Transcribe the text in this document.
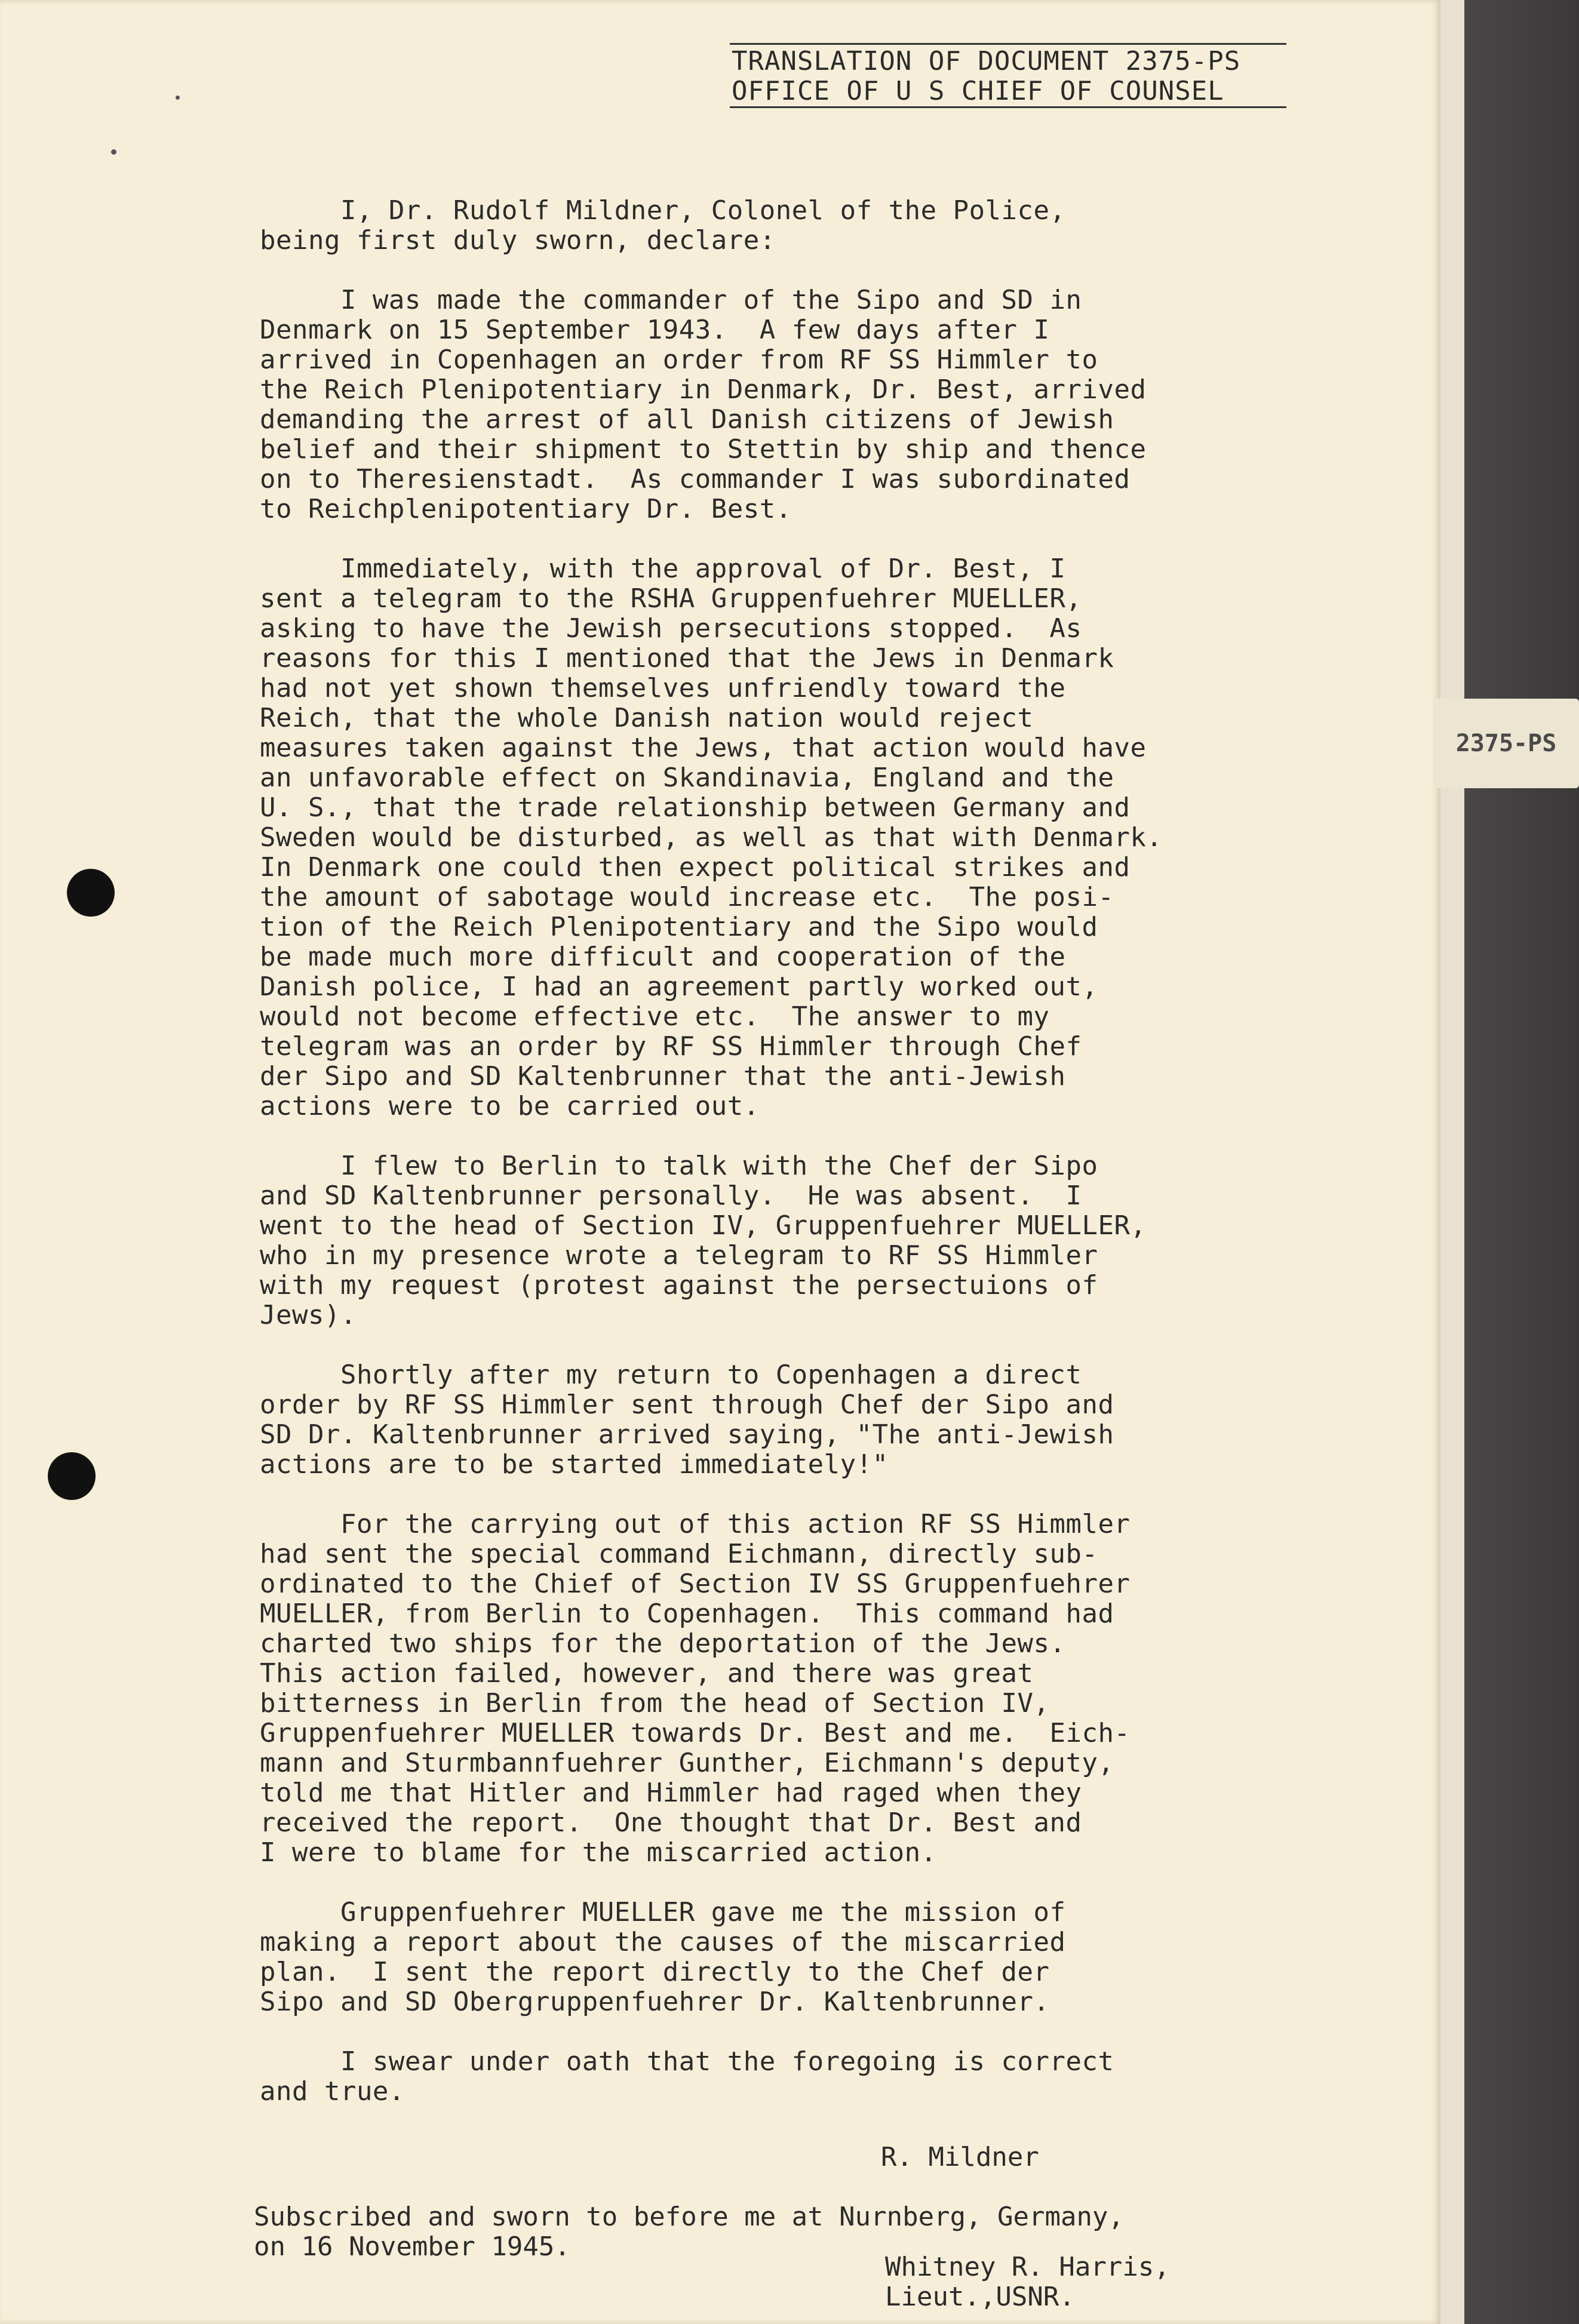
2375-PS
TRANSLATION OF DOCUMENT 2375-PS
OFFICE OF U S CHIEF OF COUNSEL
I, Dr. Rudolf Mildner, Colonel of the Police,
being first duly sworn, declare:
I was made the commander of the Sipo and SD in
Denmark on 15 September 1943.  A few days after I
arrived in Copenhagen an order from RF SS Himmler to
the Reich Plenipotentiary in Denmark, Dr. Best, arrived
demanding the arrest of all Danish citizens of Jewish
belief and their shipment to Stettin by ship and thence
on to Theresienstadt.  As commander I was subordinated
to Reichplenipotentiary Dr. Best.
Immediately, with the approval of Dr. Best, I
sent a telegram to the RSHA Gruppenfuehrer MUELLER,
asking to have the Jewish persecutions stopped.  As
reasons for this I mentioned that the Jews in Denmark
had not yet shown themselves unfriendly toward the
Reich, that the whole Danish nation would reject
measures taken against the Jews, that action would have
an unfavorable effect on Skandinavia, England and the
U. S., that the trade relationship between Germany and
Sweden would be disturbed, as well as that with Denmark.
In Denmark one could then expect political strikes and
the amount of sabotage would increase etc.  The posi-
tion of the Reich Plenipotentiary and the Sipo would
be made much more difficult and cooperation of the
Danish police, I had an agreement partly worked out,
would not become effective etc.  The answer to my
telegram was an order by RF SS Himmler through Chef
der Sipo and SD Kaltenbrunner that the anti-Jewish
actions were to be carried out.
I flew to Berlin to talk with the Chef der Sipo
and SD Kaltenbrunner personally.  He was absent.  I
went to the head of Section IV, Gruppenfuehrer MUELLER,
who in my presence wrote a telegram to RF SS Himmler
with my request (protest against the persectuions of
Jews).
Shortly after my return to Copenhagen a direct
order by RF SS Himmler sent through Chef der Sipo and
SD Dr. Kaltenbrunner arrived saying, "The anti-Jewish
actions are to be started immediately!"
For the carrying out of this action RF SS Himmler
had sent the special command Eichmann, directly sub-
ordinated to the Chief of Section IV SS Gruppenfuehrer
MUELLER, from Berlin to Copenhagen.  This command had
charted two ships for the deportation of the Jews.
This action failed, however, and there was great
bitterness in Berlin from the head of Section IV,
Gruppenfuehrer MUELLER towards Dr. Best and me.  Eich-
mann and Sturmbannfuehrer Gunther, Eichmann's deputy,
told me that Hitler and Himmler had raged when they
received the report.  One thought that Dr. Best and
I were to blame for the miscarried action.
Gruppenfuehrer MUELLER gave me the mission of
making a report about the causes of the miscarried
plan.  I sent the report directly to the Chef der
Sipo and SD Obergruppenfuehrer Dr. Kaltenbrunner.
I swear under oath that the foregoing is correct
and true.
R. Mildner
Subscribed and sworn to before me at Nurnberg, Germany,
on 16 November 1945.
Whitney R. Harris,
Lieut.,USNR.
